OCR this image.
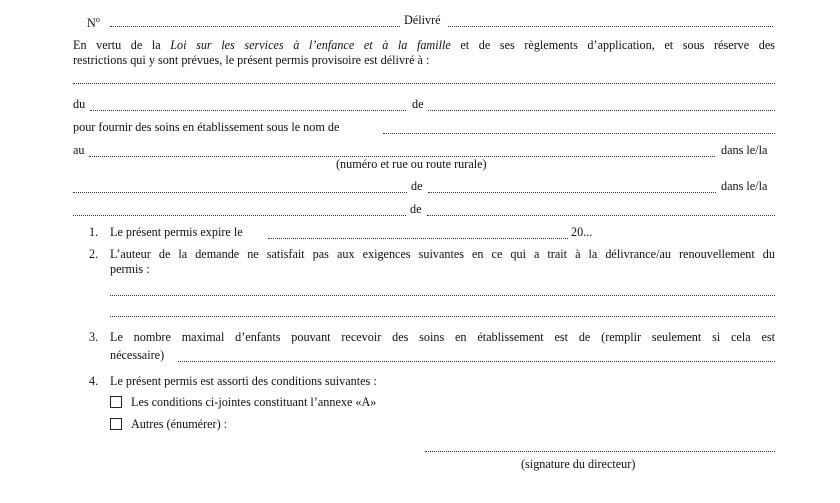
$N^o$	Délivré
En vertu de la Loi sur les services à l’enfance et à la famille et de ses règlements d’application, et sous réserve des
restrictions qui y sont prévues, le présent permis provisoire est délivré à :
du	de
pour fournir des soins en établissement sous le nom de
au	dans le/la
(numéro et rue ou route rurale)
de	dans le/la
de
1. Le présent permis expire le	20...
2. L’auteur de la demande ne satisfait pas aux exigences suivantes en ce qui a trait à la délivrance/au renouvellement du
permis :
3. Le nombre maximal d’enfants pouvant recevoir des soins en établissement est de (remplir seulement si cela est
nécessaire)
4. Le présent permis est assorti des conditions suivantes :
Les conditions ci-jointes constituant l’annexe «A»
Autres (énumérer) :
(signature du directeur)
